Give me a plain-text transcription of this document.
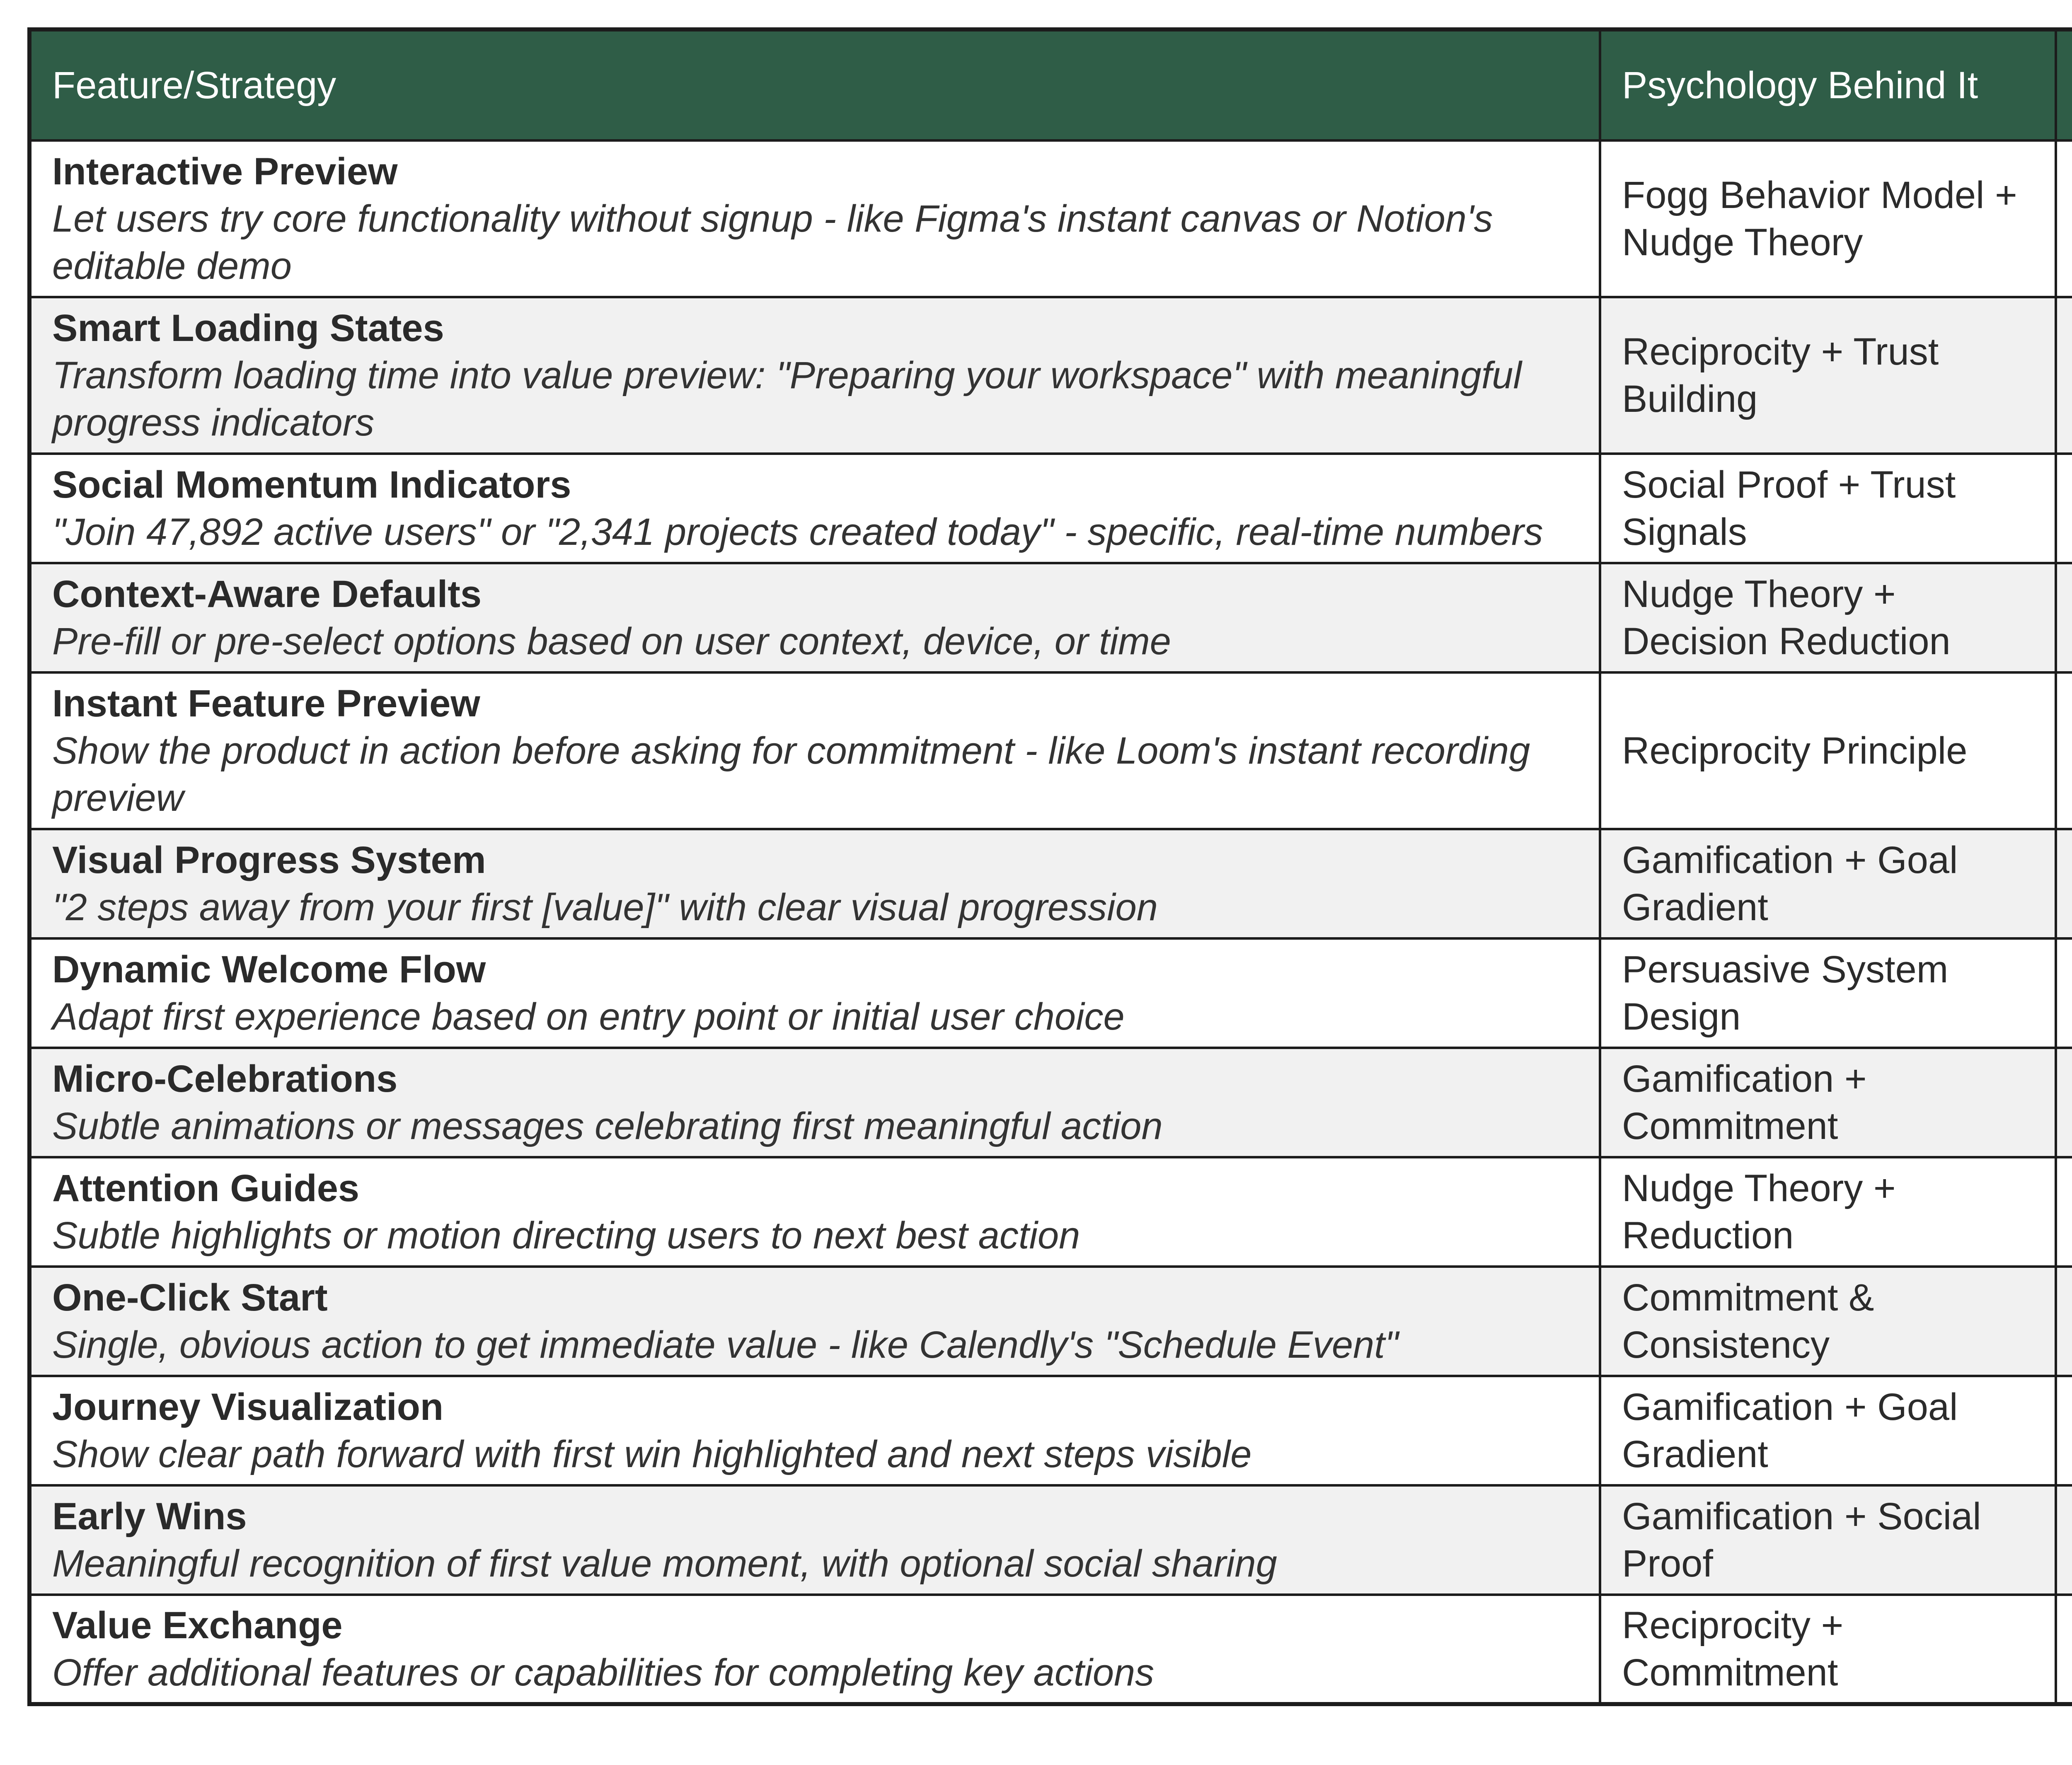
Feature/Strategy	Psychology Behind It			

Interactive Preview
Let users try core functionality without signup - like Figma's instant canvas or Notion's editable demo	Fogg Behavior Model + Nudge Theory			

Smart Loading States
Transform loading time into value preview: "Preparing your workspace" with meaningful progress indicators	Reciprocity + Trust Building			

Social Momentum Indicators
"Join 47,892 active users" or "2,341 projects created today" - specific, real-time numbers	Social Proof + Trust Signals			

Context-Aware Defaults
Pre-fill or pre-select options based on user context, device, or time	Nudge Theory + Decision Reduction			

Instant Feature Preview
Show the product in action before asking for commitment - like Loom's instant recording preview	Reciprocity Principle			

Visual Progress System
"2 steps away from your first [value]" with clear visual progression	Gamification + Goal Gradient			

Dynamic Welcome Flow
Adapt first experience based on entry point or initial user choice	Persuasive System Design			

Micro-Celebrations
Subtle animations or messages celebrating first meaningful action	Gamification + Commitment			

Attention Guides
Subtle highlights or motion directing users to next best action	Nudge Theory + Reduction			

One-Click Start
Single, obvious action to get immediate value - like Calendly's "Schedule Event"	Commitment & Consistency			

Journey Visualization
Show clear path forward with first win highlighted and next steps visible	Gamification + Goal Gradient			

Early Wins
Meaningful recognition of first value moment, with optional social sharing	Gamification + Social Proof			

Value Exchange
Offer additional features or capabilities for completing key actions	Reciprocity + Commitment			
